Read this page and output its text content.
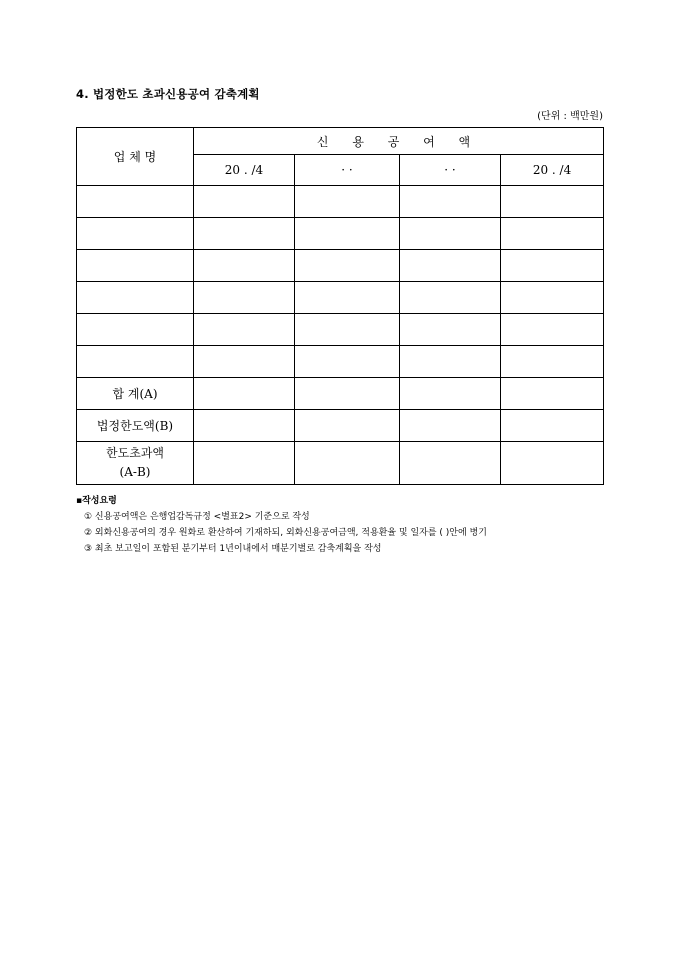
4. 법정한도 초과신용공여 감축계획
(단위 : 백만원)
업 체 명	신 용 공 여 액			
	20 . /4	· ·	· ·	20 . /4

합 계(A)				
법정한도액(B)				

한도초과액
(A-B)				

▪작성요령
① 신용공여액은 은행업감독규정 <별표2> 기준으로 작성
② 외화신용공여의 경우 원화로 환산하여 기재하되, 외화신용공여금액, 적용환율 및 일자를 ( )안에 병기
③ 최초 보고일이 포함된 분기부터 1년이내에서 매분기별로 감축계획을 작성
